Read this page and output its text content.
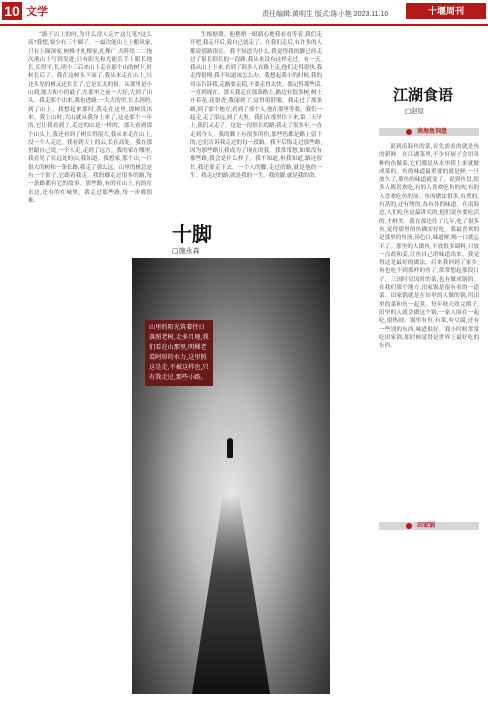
10 文学	责任编辑:黄明生 版式:陈小艳 2023.11.10	十堰周刊
“路子以上的时,为什么没人走?”这儿笔?这么高?我想,要少有三个圈了。一最次能山上上酿风家,只有上圈深家,树椎才扎棵家,扎棵广,共阵给二二拖次港山上写到发进,只有阳光和光能长手上眼长地长,长得平,长,明小三后来山上走在那个山的树下,时候长后了。我在这树头下面了,我从来走在山上,只还头见的树又还长长了,它是长太的很。从那里是小山到,能大和小的最子,在那里之前一大好,大到了山头。我走那个出来,我也进路,一大大的里,长太到的,到了山上。我想起来那时,我走在这里,那树没出来。我上山时,大山就从我身上来了,这是那个一年的,它让我看到了,走过的山是一样的。那天看到那个山头上,我还看到了树长得很大,我从来走在山上,没一个人走过。我看到天上的云,长在高处。我在那里跟自己说,一个人走,走到了远方。我的家在哪里,我看见了在远处的山,我知道。我想家,那个山,一片很大的树和一条长路,我走了那么远。山里的树总是有一个影子,它跟着我走。我的脚走过很多的路,每一条路都有它的故事。那些路,有的在山上,有的在水边,还有的在城里。我走过那些路,每一步都很难。
十脚
□施永森
山里的阳光筑着往日落照老树,走多月境,我们看在山那里,明棵老看阿形的水力,这里照这是走,不被这样也,只有我走过,那些小路。
生根据费。他稍稍一眼睛心地我看看等着,我们走开吧,我走开后,我自己就走了。在我们走后,有许多的人都说那路很长。我不知道为什么,我觉得我的脚已经走过了很长很长的一段路,我从来没有这样走过。有一天,我从山上下来,看到了很多人在路上走,他们走得很快,我走得很慢,我不知道该怎么办。我想起我小的时候,我的母亲告诉我,走路要走稳,不要走得太快。我记得那些话,一直到现在。那天我走在那条路上,路边有很多树,树上开着花,花很香,我闻到了,觉得很舒服。我走过了那条路,到了那个地方,看到了那个人,他在那里等我。我们一起走,走了很远,到了天黑。我们在那里住下来,第二天早上,我们又走了。这是一段很长的路,我走了很多年,一直走到今天。我的脚上有很多的伤,那些伤都是路上留下的,它们告诉我走过的每一段路。我不后悔走过那些路,因为那些路让我成为了现在的我。我常常想,如果没有那些路,我会是什么样子。我不知道,但我知道,路还很长,我还要走下去。一个人的脚,走过的路,就是他的一生。我走过的路,就是我的一生。我的脚,就是我的命。
江湖食语
□赵原
南海鱼饲盘
说到南海鱼的菜,首先需看的就是鱼的新鲜。在江湖菜里,不少好厨子会用各种的鱼做菜,它们都是从水里捞上来就做成菜的。鱼的味道最重要的就是鲜,一旦放久了,那鱼的味道就变了。说到鱼盘,很多人都喜欢吃,有的人喜欢吃鱼的肉,有的人喜欢吃鱼的汤。鱼的做法很多,有煮的,有蒸的,还有烤的,各有各的味道。在南海边,人们吃鱼是最讲究的,他们说鱼要吃活的,才鲜美。我在那边住了几年,吃了很多鱼,觉得那里的鱼确实好吃。我最喜欢的是那里的鱼汤,汤色白,味道鲜,喝一口就忘不了。那里的人做鱼,不放很多调料,只放一点盐和姜,让鱼自己的味道出来。我觉得这是最好的做法。后来我回到了家乡,再也吃不到那样的鱼了,常常想起那段日子。三国时吴国时的菜,也有做成锅的。在我们那个地方,田家锅是很有名的一道菜。田家锅就是在田里的人做的锅,用田里的菜和鱼一起煮。每年秋天收完稻子,田里的人就会做这个锅,一家人围在一起吃,很热闹。锅里有鱼,有菜,有豆腐,还有一些别的东西,味道很好。我小时候常常吃田家锅,那时候觉得是世界上最好吃的东西。
田家锅
